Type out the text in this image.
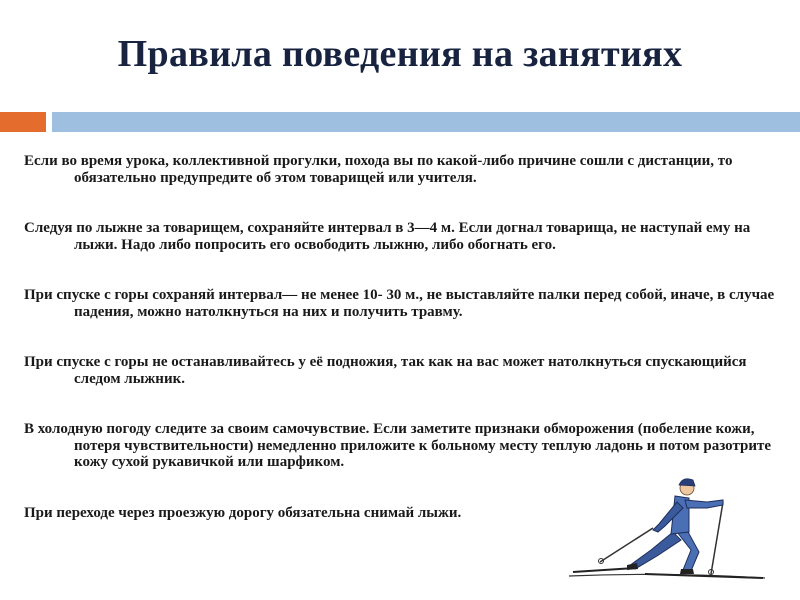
Правила поведения на занятиях

Если во время урока, коллективной прогулки, похода вы по какой-либо причине сошли с дистанции, то обязательно предупредите об этом товарищей или учителя.

Следуя по лыжне за товарищем, сохраняйте интервал в 3—4 м. Если догнал товарища, не наступай ему на лыжи. Надо либо попросить его освободить лыжню, либо обогнать его.

При спуске с горы сохраняй интервал— не менее 10- 30 м., не выставляйте палки перед собой, иначе, в случае падения, можно натолкнуться на них и получить травму.

При спуске с горы не останавливайтесь у её подножия, так как на вас может натолкнуться спускающийся следом лыжник.

В холодную погоду следите за своим самочувствие. Если заметите признаки обморожения (побеление кожи, потеря чувствительности) немедленно приложите к больному месту теплую ладонь и потом разотрите кожу сухой рукавичкой или шарфиком.

При переходе через проезжую дорогу обязательна снимай лыжи.
